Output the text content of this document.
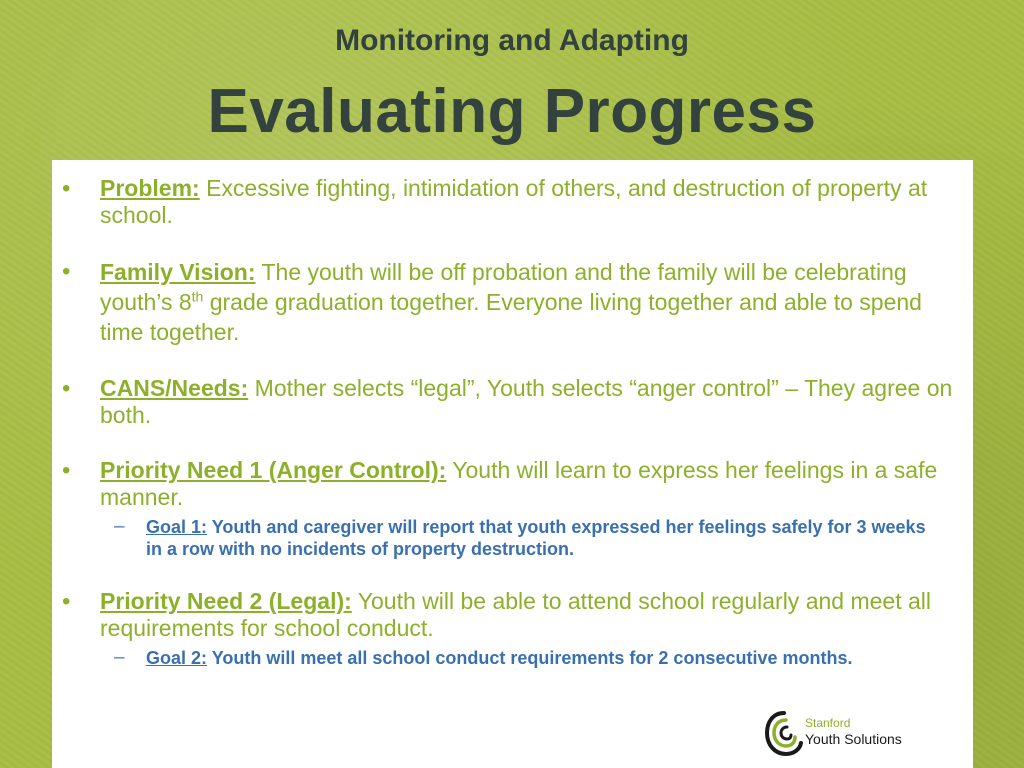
Monitoring and Adapting
Evaluating Progress
• Problem: Excessive fighting, intimidation of others, and destruction of property at school.
• Family Vision: The youth will be off probation and the family will be celebrating youth’s 8th grade graduation together. Everyone living together and able to spend time together.
• CANS/Needs: Mother selects “legal”, Youth selects “anger control” – They agree on both.
• Priority Need 1 (Anger Control): Youth will learn to express her feelings in a safe manner.
– Goal 1: Youth and caregiver will report that youth expressed her feelings safely for 3 weeks in a row with no incidents of property destruction.
• Priority Need 2 (Legal): Youth will be able to attend school regularly and meet all requirements for school conduct.
– Goal 2: Youth will meet all school conduct requirements for 2 consecutive months.
Stanford
Youth Solutions
